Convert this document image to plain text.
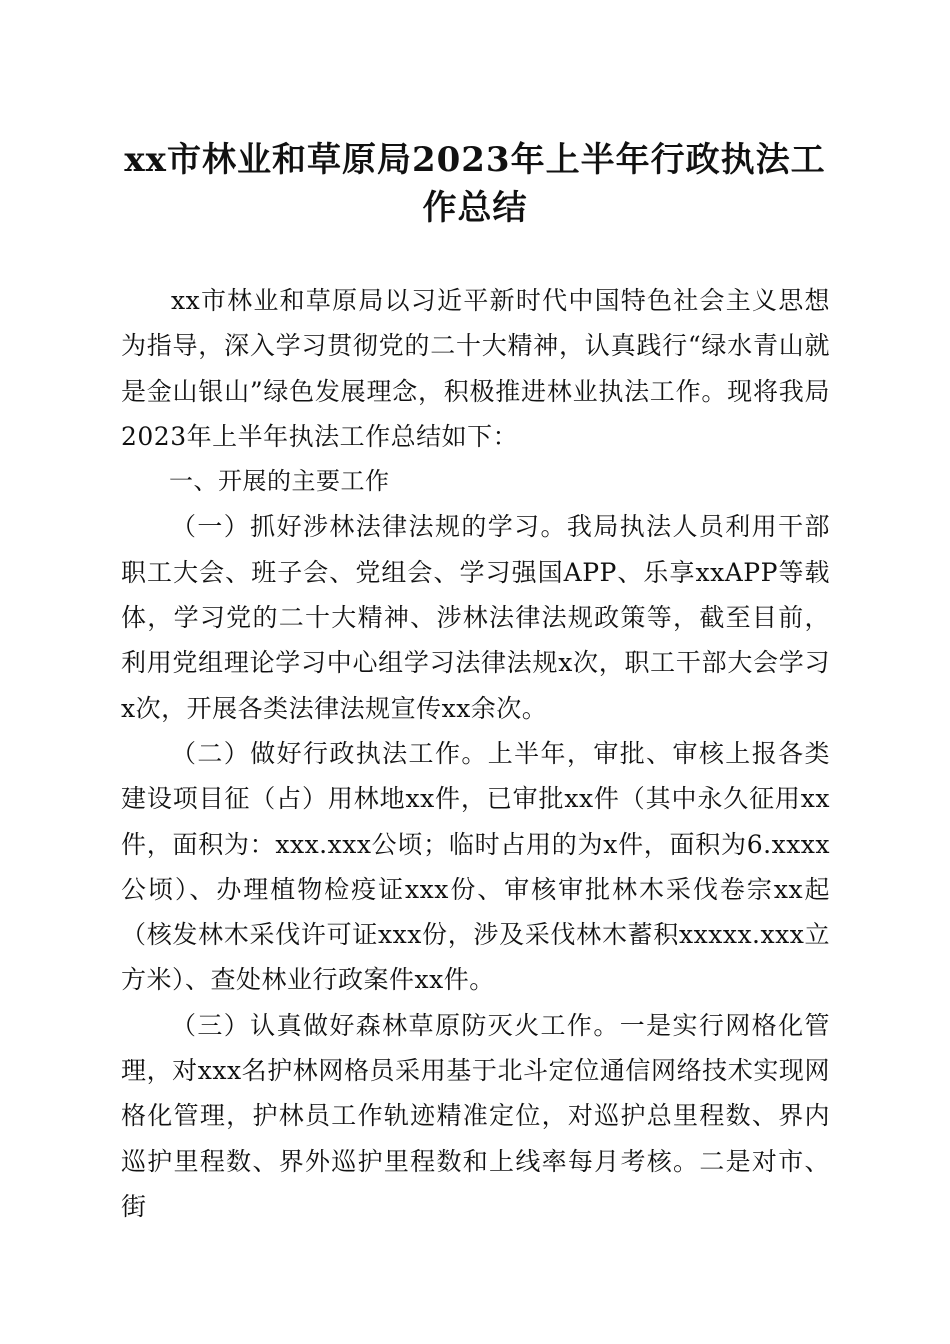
xx市林业和草原局2023年上半年行政执法工作总结

xx市林业和草原局以习近平新时代中国特色社会主义思想为指导，深入学习贯彻党的二十大精神，认真践行“绿水青山就是金山银山”绿色发展理念，积极推进林业执法工作。现将我局2023年上半年执法工作总结如下：

一、开展的主要工作

（一）抓好涉林法律法规的学习。我局执法人员利用干部职工大会、班子会、党组会、学习强国APP、乐享xxAPP等载体，学习党的二十大精神、涉林法律法规政策等，截至目前，利用党组理论学习中心组学习法律法规x次，职工干部大会学习x次，开展各类法律法规宣传xx余次。

（二）做好行政执法工作。上半年，审批、审核上报各类建设项目征（占）用林地xx件，已审批xx件（其中永久征用xx件，面积为：xxx.xxx公顷；临时占用的为x件，面积为6.xxxx公顷）、办理植物检疫证xxx份、审核审批林木采伐卷宗xx起（核发林木采伐许可证xxx份，涉及采伐林木蓄积xxxxx.xxx立方米）、查处林业行政案件xx件。

（三）认真做好森林草原防灭火工作。一是实行网格化管理，对xxx名护林网格员采用基于北斗定位通信网络技术实现网格化管理，护林员工作轨迹精准定位，对巡护总里程数、界内巡护里程数、界外巡护里程数和上线率每月考核。二是对市、街
